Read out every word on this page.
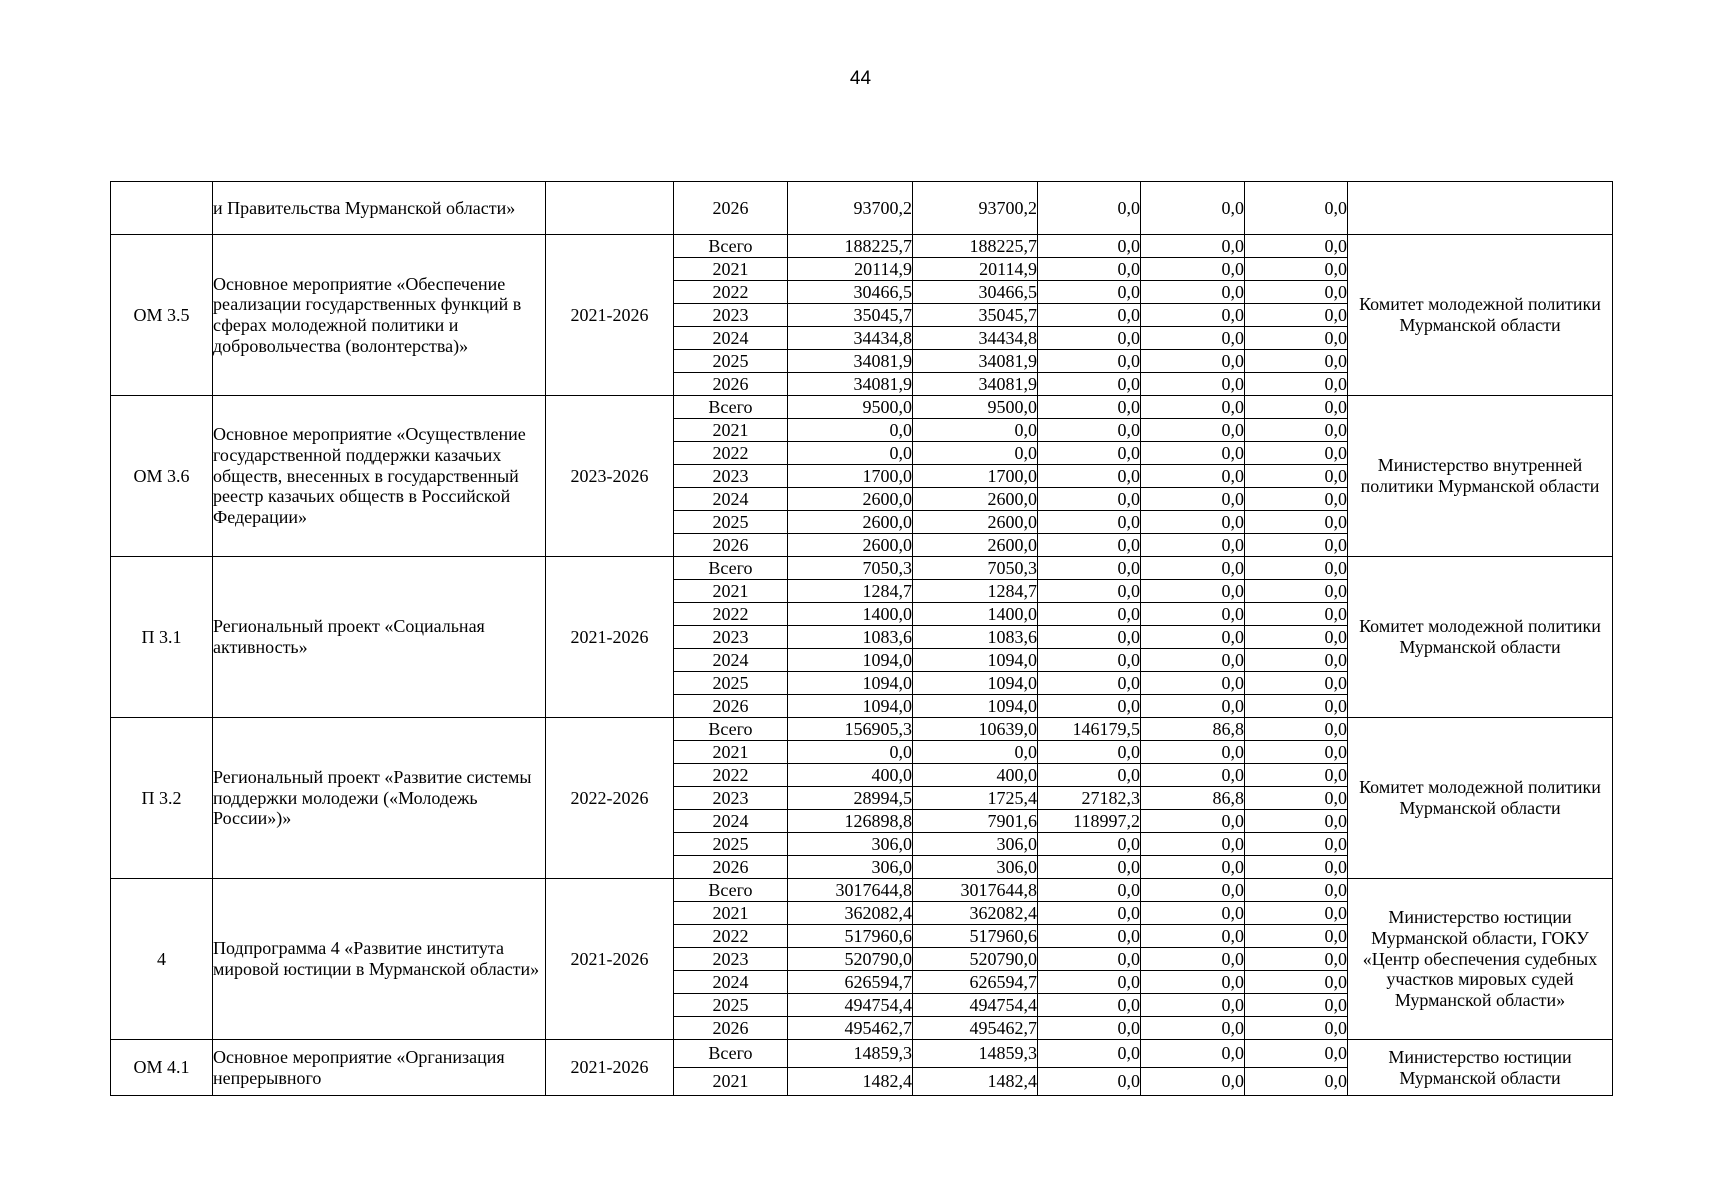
44
	и Правительства Мурманской области»		2026	93700,2	93700,2	0,0	0,0	0,0	
ОМ 3.5	Основное мероприятие «Обеспечение реализации государственных функций в сферах молодежной политики и добровольчества (волонтерства)»	2021-2026	Всего	188225,7	188225,7	0,0	0,0	0,0	Комитет молодежной политики Мурманской области
			2021	20114,9	20114,9	0,0	0,0	0,0	
			2022	30466,5	30466,5	0,0	0,0	0,0	
			2023	35045,7	35045,7	0,0	0,0	0,0	
			2024	34434,8	34434,8	0,0	0,0	0,0	
			2025	34081,9	34081,9	0,0	0,0	0,0	
			2026	34081,9	34081,9	0,0	0,0	0,0	
ОМ 3.6	Основное мероприятие «Осуществление государственной поддержки казачьих обществ, внесенных в государственный реестр казачьих обществ в Российской Федерации»	2023-2026	Всего	9500,0	9500,0	0,0	0,0	0,0	Министерство внутренней политики Мурманской области
			2021	0,0	0,0	0,0	0,0	0,0	
			2022	0,0	0,0	0,0	0,0	0,0	
			2023	1700,0	1700,0	0,0	0,0	0,0	
			2024	2600,0	2600,0	0,0	0,0	0,0	
			2025	2600,0	2600,0	0,0	0,0	0,0	
			2026	2600,0	2600,0	0,0	0,0	0,0	
П 3.1	Региональный проект «Социальная активность»	2021-2026	Всего	7050,3	7050,3	0,0	0,0	0,0	Комитет молодежной политики Мурманской области
			2021	1284,7	1284,7	0,0	0,0	0,0	
			2022	1400,0	1400,0	0,0	0,0	0,0	
			2023	1083,6	1083,6	0,0	0,0	0,0	
			2024	1094,0	1094,0	0,0	0,0	0,0	
			2025	1094,0	1094,0	0,0	0,0	0,0	
			2026	1094,0	1094,0	0,0	0,0	0,0	
П 3.2	Региональный проект «Развитие системы поддержки молодежи («Молодежь России»)»	2022-2026	Всего	156905,3	10639,0	146179,5	86,8	0,0	Комитет молодежной политики Мурманской области
			2021	0,0	0,0	0,0	0,0	0,0	
			2022	400,0	400,0	0,0	0,0	0,0	
			2023	28994,5	1725,4	27182,3	86,8	0,0	
			2024	126898,8	7901,6	118997,2	0,0	0,0	
			2025	306,0	306,0	0,0	0,0	0,0	
			2026	306,0	306,0	0,0	0,0	0,0	
4	Подпрограмма 4 «Развитие института мировой юстиции в Мурманской области»	2021-2026	Всего	3017644,8	3017644,8	0,0	0,0	0,0	Министерство юстиции Мурманской области, ГОКУ «Центр обеспечения судебных участков мировых судей Мурманской области»
			2021	362082,4	362082,4	0,0	0,0	0,0	
			2022	517960,6	517960,6	0,0	0,0	0,0	
			2023	520790,0	520790,0	0,0	0,0	0,0	
			2024	626594,7	626594,7	0,0	0,0	0,0	
			2025	494754,4	494754,4	0,0	0,0	0,0	
			2026	495462,7	495462,7	0,0	0,0	0,0	
ОМ 4.1	Основное мероприятие «Организация непрерывного	2021-2026	Всего	14859,3	14859,3	0,0	0,0	0,0	Министерство юстиции Мурманской области
			2021	1482,4	1482,4	0,0	0,0	0,0	
